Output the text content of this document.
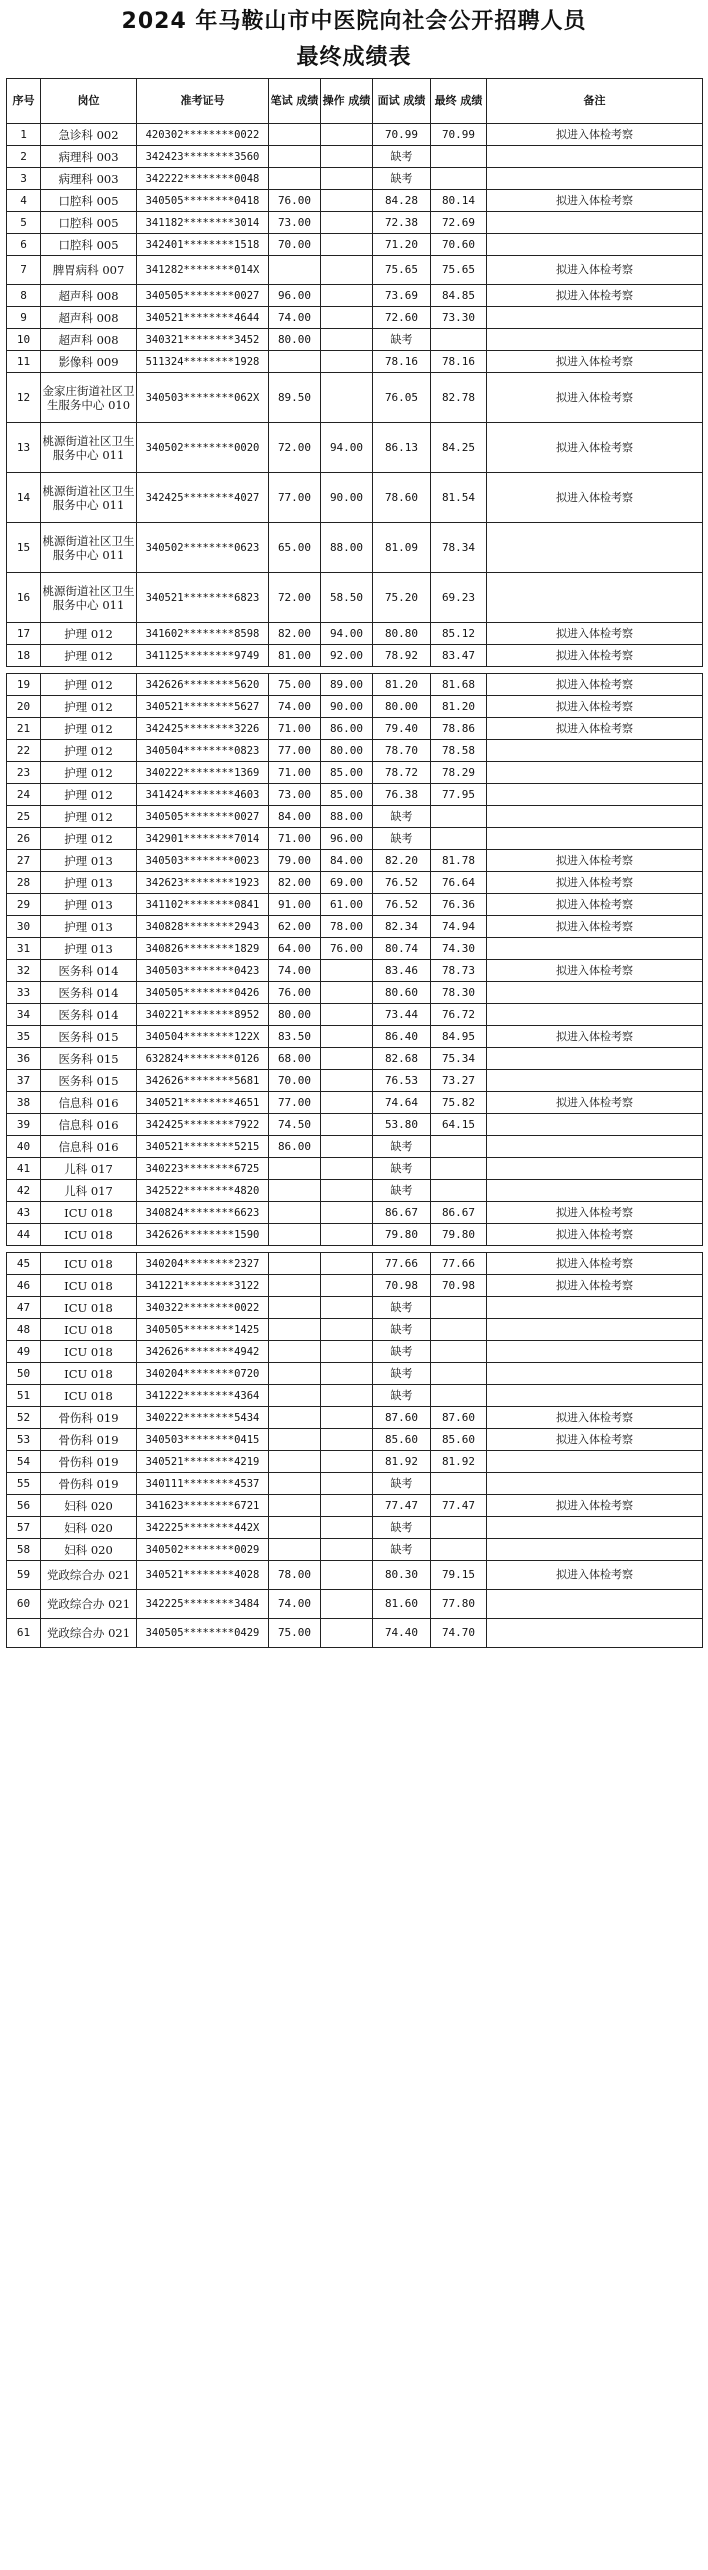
2024 年马鞍山市中医院向社会公开招聘人员
最终成绩表
序号	岗位	准考证号	笔试 成绩	操作 成绩	面试 成绩	最终 成绩	备注
1	急诊科 002	420302********0022			70.99	70.99	拟进入体检考察
2	病理科 003	342423********3560			缺考		
3	病理科 003	342222********0048			缺考		
4	口腔科 005	340505********0418	76.00		84.28	80.14	拟进入体检考察
5	口腔科 005	341182********3014	73.00		72.38	72.69	
6	口腔科 005	342401********1518	70.00		71.20	70.60	
7	脾胃病科 007	341282********014X			75.65	75.65	拟进入体检考察
8	超声科 008	340505********0027	96.00		73.69	84.85	拟进入体检考察
9	超声科 008	340521********4644	74.00		72.60	73.30	
10	超声科 008	340321********3452	80.00		缺考		
11	影像科 009	511324********1928			78.16	78.16	拟进入体检考察
12	金家庄街道社区卫生服务中心 010	340503********062X	89.50		76.05	82.78	拟进入体检考察
13	桃源街道社区卫生服务中心 011	340502********0020	72.00	94.00	86.13	84.25	拟进入体检考察
14	桃源街道社区卫生服务中心 011	342425********4027	77.00	90.00	78.60	81.54	拟进入体检考察
15	桃源街道社区卫生服务中心 011	340502********0623	65.00	88.00	81.09	78.34	
16	桃源街道社区卫生服务中心 011	340521********6823	72.00	58.50	75.20	69.23	
17	护理 012	341602********8598	82.00	94.00	80.80	85.12	拟进入体检考察
18	护理 012	341125********9749	81.00	92.00	78.92	83.47	拟进入体检考察

19	护理 012	342626********5620	75.00	89.00	81.20	81.68	拟进入体检考察
20	护理 012	340521********5627	74.00	90.00	80.00	81.20	拟进入体检考察
21	护理 012	342425********3226	71.00	86.00	79.40	78.86	拟进入体检考察
22	护理 012	340504********0823	77.00	80.00	78.70	78.58	
23	护理 012	340222********1369	71.00	85.00	78.72	78.29	
24	护理 012	341424********4603	73.00	85.00	76.38	77.95	
25	护理 012	340505********0027	84.00	88.00	缺考		
26	护理 012	342901********7014	71.00	96.00	缺考		
27	护理 013	340503********0023	79.00	84.00	82.20	81.78	拟进入体检考察
28	护理 013	342623********1923	82.00	69.00	76.52	76.64	拟进入体检考察
29	护理 013	341102********0841	91.00	61.00	76.52	76.36	拟进入体检考察
30	护理 013	340828********2943	62.00	78.00	82.34	74.94	拟进入体检考察
31	护理 013	340826********1829	64.00	76.00	80.74	74.30	
32	医务科 014	340503********0423	74.00		83.46	78.73	拟进入体检考察
33	医务科 014	340505********0426	76.00		80.60	78.30	
34	医务科 014	340221********8952	80.00		73.44	76.72	
35	医务科 015	340504********122X	83.50		86.40	84.95	拟进入体检考察
36	医务科 015	632824********0126	68.00		82.68	75.34	
37	医务科 015	342626********5681	70.00		76.53	73.27	
38	信息科 016	340521********4651	77.00		74.64	75.82	拟进入体检考察
39	信息科 016	342425********7922	74.50		53.80	64.15	
40	信息科 016	340521********5215	86.00		缺考		
41	儿科 017	340223********6725			缺考		
42	儿科 017	342522********4820			缺考		
43	ICU 018	340824********6623			86.67	86.67	拟进入体检考察
44	ICU 018	342626********1590			79.80	79.80	拟进入体检考察

45	ICU 018	340204********2327			77.66	77.66	拟进入体检考察
46	ICU 018	341221********3122			70.98	70.98	拟进入体检考察
47	ICU 018	340322********0022			缺考		
48	ICU 018	340505********1425			缺考		
49	ICU 018	342626********4942			缺考		
50	ICU 018	340204********0720			缺考		
51	ICU 018	341222********4364			缺考		
52	骨伤科 019	340222********5434			87.60	87.60	拟进入体检考察
53	骨伤科 019	340503********0415			85.60	85.60	拟进入体检考察
54	骨伤科 019	340521********4219			81.92	81.92	
55	骨伤科 019	340111********4537			缺考		
56	妇科 020	341623********6721			77.47	77.47	拟进入体检考察
57	妇科 020	342225********442X			缺考		
58	妇科 020	340502********0029			缺考		
59	党政综合办 021	340521********4028	78.00		80.30	79.15	拟进入体检考察
60	党政综合办 021	342225********3484	74.00		81.60	77.80	
61	党政综合办 021	340505********0429	75.00		74.40	74.70	
